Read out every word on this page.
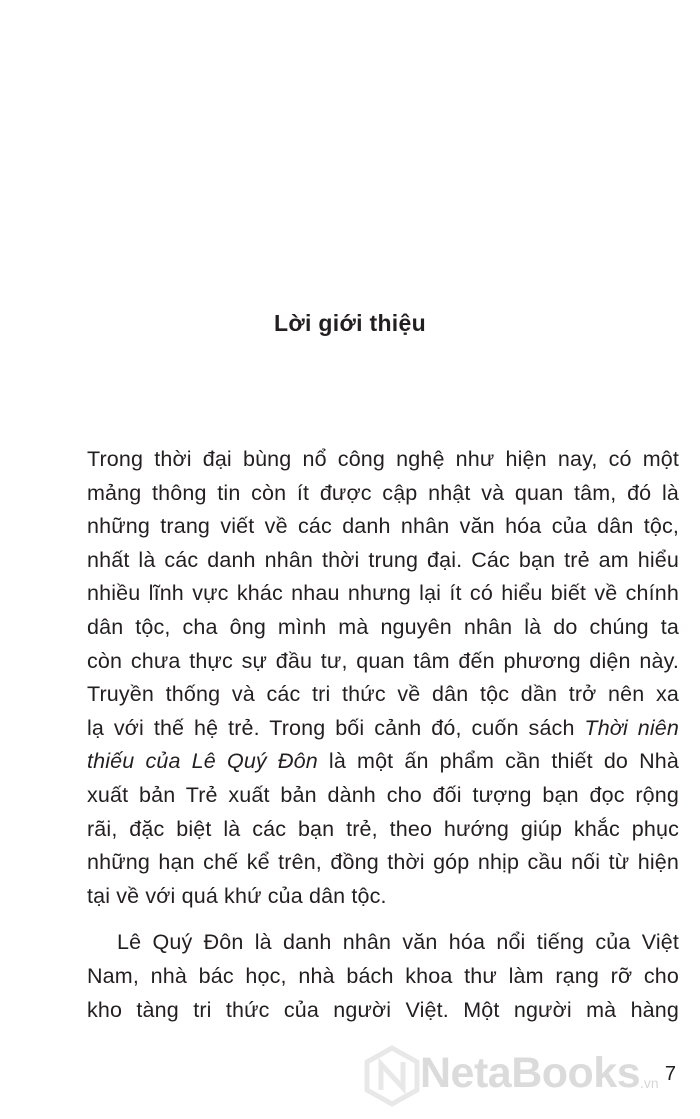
Lời giới thiệu

Trong thời đại bùng nổ công nghệ như hiện nay, có một

mảng thông tin còn ít được cập nhật và quan tâm, đó là

những trang viết về các danh nhân văn hóa của dân tộc,

nhất là các danh nhân thời trung đại. Các bạn trẻ am hiểu

nhiều lĩnh vực khác nhau nhưng lại ít có hiểu biết về chính

dân tộc, cha ông mình mà nguyên nhân là do chúng ta

còn chưa thực sự đầu tư, quan tâm đến phương diện này.

Truyền thống và các tri thức về dân tộc dần trở nên xa

lạ với thế hệ trẻ. Trong bối cảnh đó, cuốn sách Thời niên

thiếu của Lê Quý Đôn là một ấn phẩm cần thiết do Nhà

xuất bản Trẻ xuất bản dành cho đối tượng bạn đọc rộng

rãi, đặc biệt là các bạn trẻ, theo hướng giúp khắc phục

những hạn chế kể trên, đồng thời góp nhịp cầu nối từ hiện

tại về với quá khứ của dân tộc.

Lê Quý Đôn là danh nhân văn hóa nổi tiếng của Việt

Nam, nhà bác học, nhà bách khoa thư làm rạng rỡ cho

kho tàng tri thức của người Việt. Một người mà hàng

NetaBooks .vn 7
